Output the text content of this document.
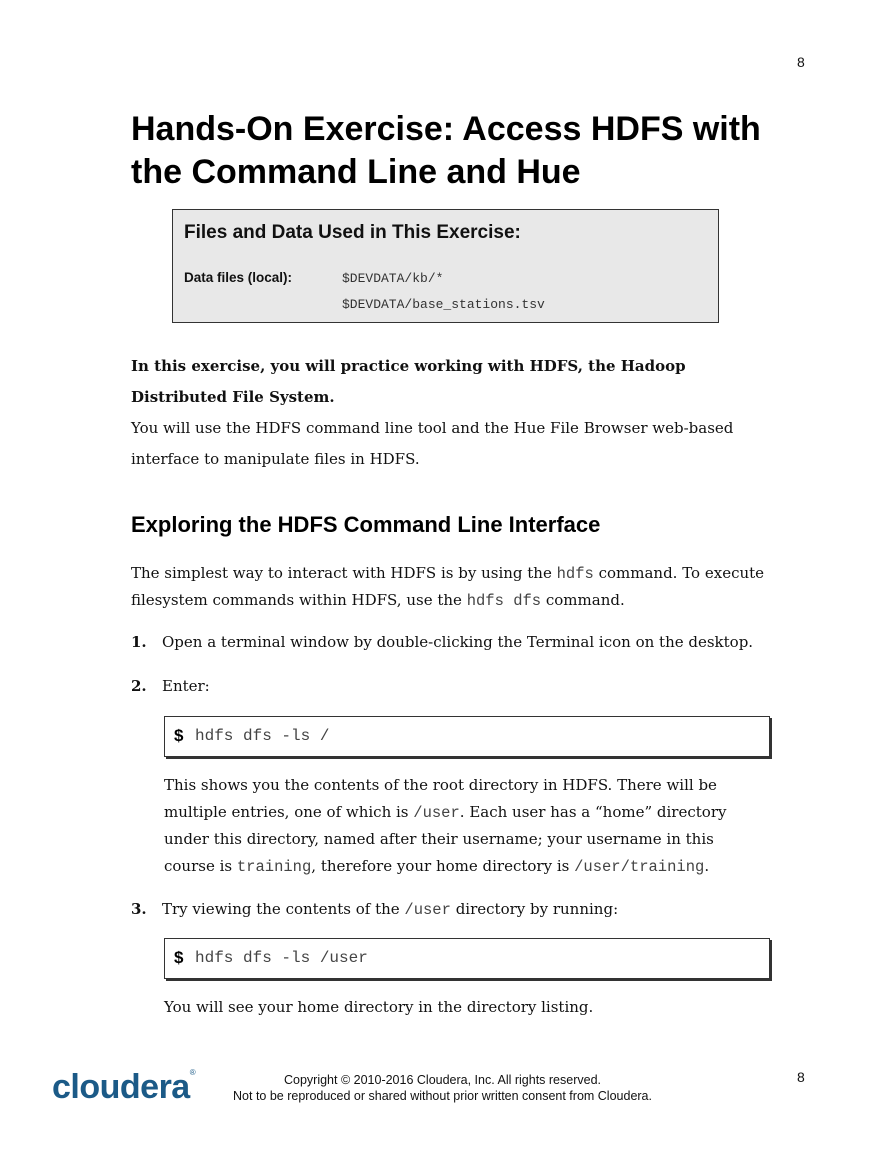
8
Hands-On Exercise: Access HDFS with the Command Line and Hue
Files and Data Used in This Exercise:
Data files (local):	$DEVDATA/kb/*
$DEVDATA/base_stations.tsv
In this exercise, you will practice working with HDFS, the Hadoop Distributed File System.
You will use the HDFS command line tool and the Hue File Browser web-based interface to manipulate files in HDFS.
Exploring the HDFS Command Line Interface
The simplest way to interact with HDFS is by using the hdfs command. To execute filesystem commands within HDFS, use the hdfs dfs command.
1. Open a terminal window by double-clicking the Terminal icon on the desktop.
2. Enter:
$ hdfs dfs -ls /
This shows you the contents of the root directory in HDFS. There will be multiple entries, one of which is /user. Each user has a “home” directory under this directory, named after their username; your username in this course is training, therefore your home directory is /user/training.
3. Try viewing the contents of the /user directory by running:
$ hdfs dfs -ls /user
You will see your home directory in the directory listing.
cloudera®
Copyright © 2010-2016 Cloudera, Inc. All rights reserved.
Not to be reproduced or shared without prior written consent from Cloudera.
8
